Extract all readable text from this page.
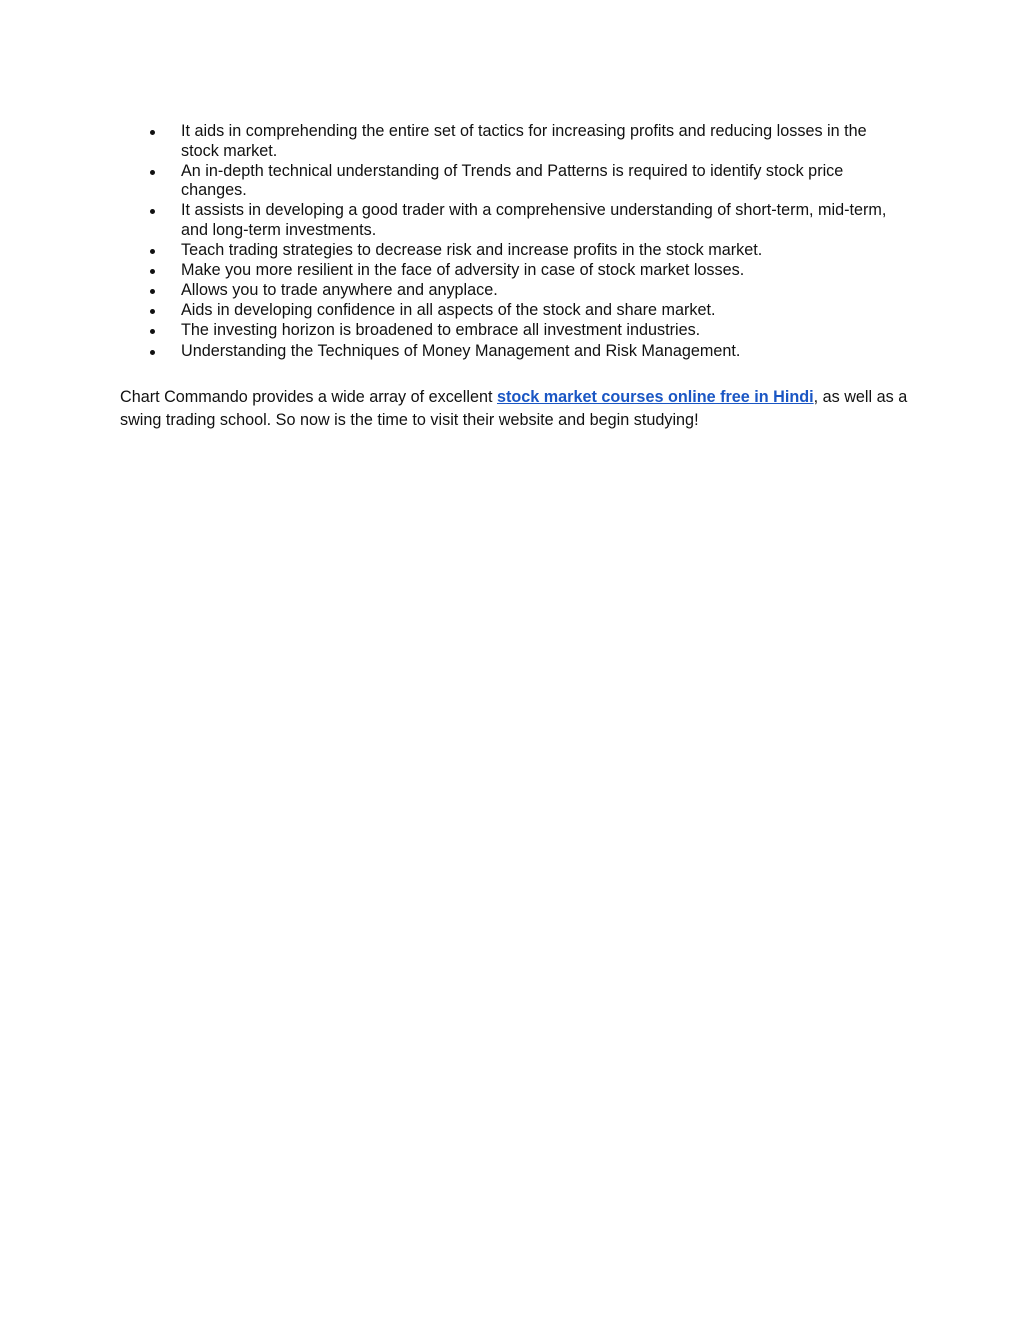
It aids in comprehending the entire set of tactics for increasing profits and reducing losses in the stock market.
An in-depth technical understanding of Trends and Patterns is required to identify stock price changes.
It assists in developing a good trader with a comprehensive understanding of short-term, mid-term, and long-term investments.
Teach trading strategies to decrease risk and increase profits in the stock market.
Make you more resilient in the face of adversity in case of stock market losses.
Allows you to trade anywhere and anyplace.
Aids in developing confidence in all aspects of the stock and share market.
The investing horizon is broadened to embrace all investment industries.
Understanding the Techniques of Money Management and Risk Management.

Chart Commando provides a wide array of excellent stock market courses online free in Hindi, as well as a swing trading school. So now is the time to visit their website and begin studying!
